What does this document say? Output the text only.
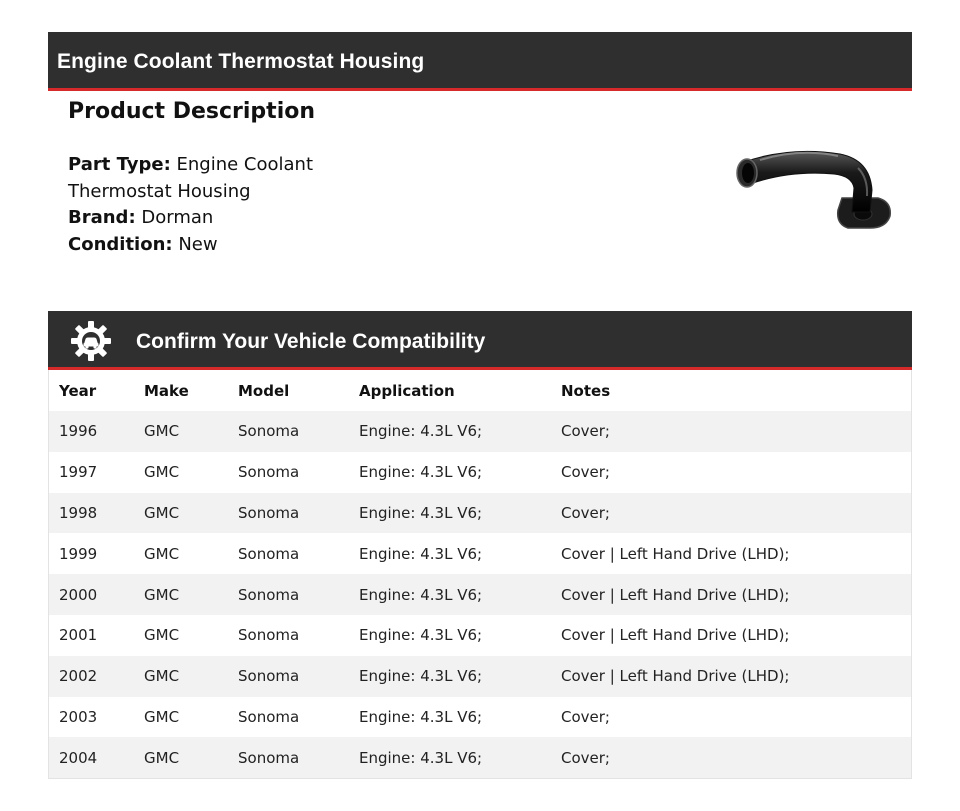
Engine Coolant Thermostat Housing
Product Description
Part Type: Engine Coolant Thermostat Housing
Brand: Dorman
Condition: New
Confirm Your Vehicle Compatibility
Year	Make	Model	Application	Notes
1996	GMC	Sonoma	Engine: 4.3L V6;	Cover;
1997	GMC	Sonoma	Engine: 4.3L V6;	Cover;
1998	GMC	Sonoma	Engine: 4.3L V6;	Cover;
1999	GMC	Sonoma	Engine: 4.3L V6;	Cover | Left Hand Drive (LHD);
2000	GMC	Sonoma	Engine: 4.3L V6;	Cover | Left Hand Drive (LHD);
2001	GMC	Sonoma	Engine: 4.3L V6;	Cover | Left Hand Drive (LHD);
2002	GMC	Sonoma	Engine: 4.3L V6;	Cover | Left Hand Drive (LHD);
2003	GMC	Sonoma	Engine: 4.3L V6;	Cover;
2004	GMC	Sonoma	Engine: 4.3L V6;	Cover;
